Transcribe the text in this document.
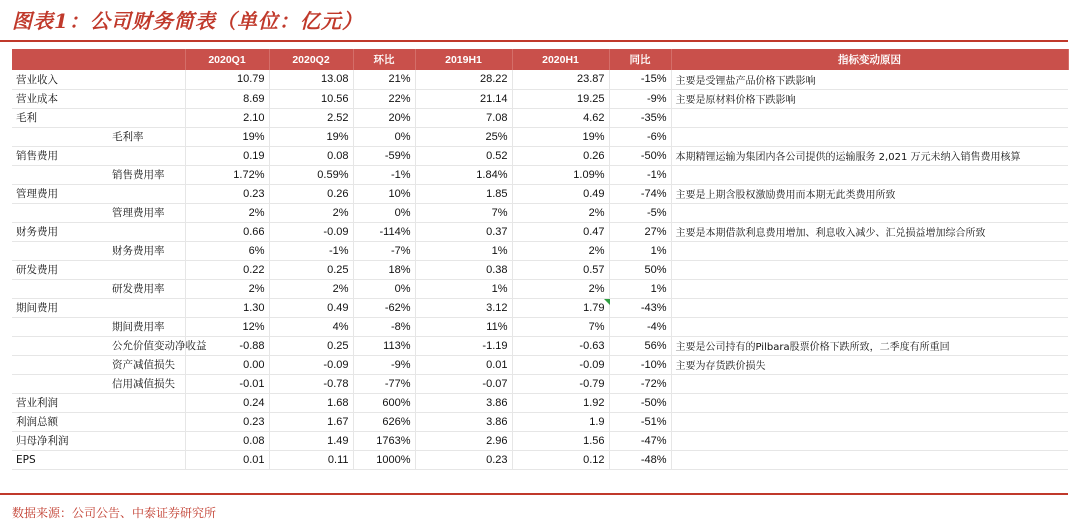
图表1：公司财务简表（单位：亿元）
	2020Q1	2020Q2	环比	2019H1	2020H1	同比	指标变动原因
营业收入	10.79	13.08	21%	28.22	23.87	-15%	主要是受锂盐产品价格下跌影响
营业成本	8.69	10.56	22%	21.14	19.25	-9%	主要是原材料价格下跌影响
毛利	2.10	2.52	20%	7.08	4.62	-35%	
毛利率	19%	19%	0%	25%	19%	-6%	
销售费用	0.19	0.08	-59%	0.52	0.26	-50%	本期精锂运输为集团内各公司提供的运输服务 2,021 万元未纳入销售费用核算
销售费用率	1.72%	0.59%	-1%	1.84%	1.09%	-1%	
管理费用	0.23	0.26	10%	1.85	0.49	-74%	主要是上期含股权激励费用而本期无此类费用所致
管理费用率	2%	2%	0%	7%	2%	-5%	
财务费用	0.66	-0.09	-114%	0.37	0.47	27%	主要是本期借款利息费用增加、利息收入减少、汇兑损益增加综合所致
财务费用率	6%	-1%	-7%	1%	2%	1%	
研发费用	0.22	0.25	18%	0.38	0.57	50%	
研发费用率	2%	2%	0%	1%	2%	1%	
期间费用	1.30	0.49	-62%	3.12	1.79	-43%	
期间费用率	12%	4%	-8%	11%	7%	-4%	
公允价值变动净收益	-0.88	0.25	113%	-1.19	-0.63	56%	主要是公司持有的Pilbara股票价格下跌所致，二季度有所重回
资产减值损失	0.00	-0.09	-9%	0.01	-0.09	-10%	主要为存货跌价损失
信用减值损失	-0.01	-0.78	-77%	-0.07	-0.79	-72%	
营业利润	0.24	1.68	600%	3.86	1.92	-50%	
利润总额	0.23	1.67	626%	3.86	1.9	-51%	
归母净利润	0.08	1.49	1763%	2.96	1.56	-47%	
EPS	0.01	0.11	1000%	0.23	0.12	-48%	
数据来源：公司公告、中泰证券研究所
